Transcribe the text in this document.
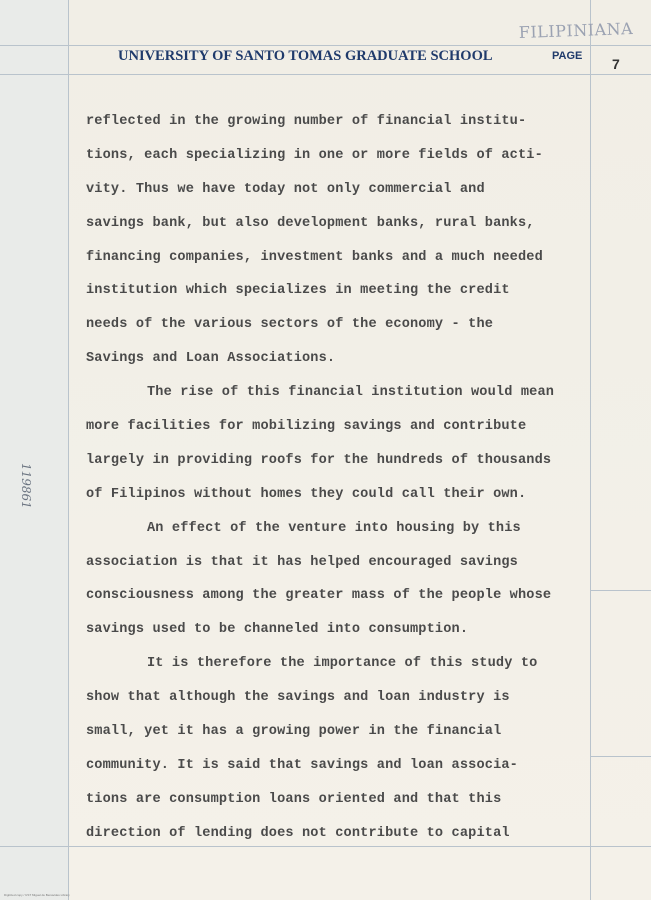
FILIPINIANA
UNIVERSITY OF SANTO TOMAS GRADUATE SCHOOL	PAGE 7
119861
reflected in the growing number of financial institu-
tions, each specializing in one or more fields of acti-
vity. Thus we have today not only commercial and
savings bank, but also development banks, rural banks,
financing companies, investment banks and a much needed
institution which specializes in meeting the credit
needs of the various sectors of the economy - the
Savings and Loan Associations.
The rise of this financial institution would mean
more facilities for mobilizing savings and contribute
largely in providing roofs for the hundreds of thousands
of Filipinos without homes they could call their own.
An effect of the venture into housing by this
association is that it has helped encouraged savings
consciousness among the greater mass of the people whose
savings used to be channeled into consumption.
It is therefore the importance of this study to
show that although the savings and loan industry is
small, yet it has a growing power in the financial
community. It is said that savings and loan associa-
tions are consumption loans oriented and that this
direction of lending does not contribute to capital
Digitized copy / UST Miguel de Benavides Library
